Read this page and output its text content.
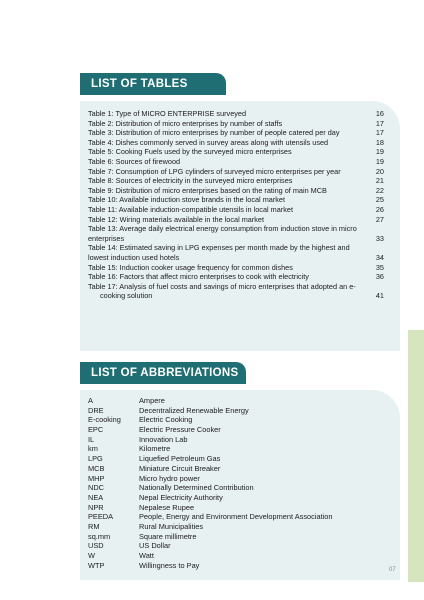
LIST OF TABLES
Table 1: Type of MICRO ENTERPRISE surveyed	16
Table 2: Distribution of micro enterprises by number of staffs	17
Table 3: Distribution of micro enterprises by number of people catered per day	17
Table 4: Dishes commonly served in survey areas along with utensils used	18
Table 5: Cooking Fuels used by the surveyed micro enterprises	19
Table 6: Sources of firewood	19
Table 7: Consumption of LPG cylinders of surveyed micro enterprises per year	20
Table 8: Sources of electricity in the surveyed micro enterprises	21
Table 9: Distribution of micro enterprises based on the rating of main MCB	22
Table 10: Available induction stove brands in the local market	25
Table 11: Available induction-compatible utensils in local market	26
Table 12: Wiring materials available in the local market	27
Table 13: Average daily electrical energy consumption from induction stove in micro enterprises	33
Table 14: Estimated saving in LPG expenses per month made by the highest and lowest induction used hotels	34
Table 15: Induction cooker usage frequency for common dishes	35
Table 16: Factors that affect micro enterprises to cook with electricity	36
Table 17: Analysis of fuel costs and savings of micro enterprises that adopted an e-cooking solution	41
LIST OF ABBREVIATIONS
A	Ampere
DRE	Decentralized Renewable Energy
E-cooking Electric Cooking
EPC	Electric Pressure Cooker
IL	Innovation Lab
km	Kilometre
LPG	Liquefied Petroleum Gas
MCB	Miniature Circuit Breaker
MHP	Micro hydro power
NDC	Nationally Determined Contribution
NEA	Nepal Electricity Authority
NPR	Nepalese Rupee
PEEDA	People, Energy and Environment Development Association
RM	Rural Municipalities
sq.mm	Square millimetre
USD	US Dollar
W	Watt
WTP	Willingness to Pay
07
